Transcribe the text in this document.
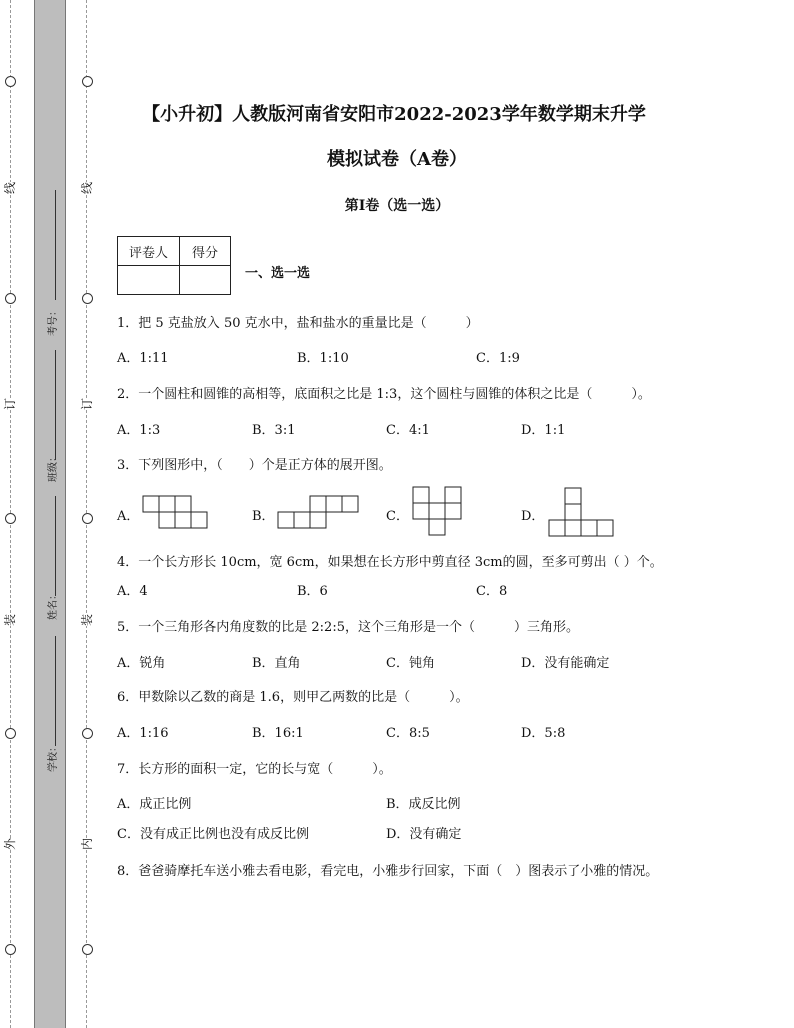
线
订
装
外
线
订
装
内
考号：
班级：
姓名：
学校：
【小升初】人教版河南省安阳市2022-2023学年数学期末升学
模拟试卷（A卷）
第Ⅰ卷（选一选）
评卷人	得分

一、选一选
1．把 5 克盐放入 50 克水中，盐和盐水的重量比是（　　　）
A．1:11	B．1:10	C．1:9
2．一个圆柱和圆锥的高相等，底面积之比是 1:3，这个圆柱与圆锥的体积之比是（　　　）。
A．1:3	B．3:1	C．4:1	D．1:1
3．下列图形中，（　　）个是正方体的展开图。
A．	B．	C．	D．
4．一个长方形长 10cm，宽 6cm，如果想在长方形中剪直径 3cm的圆，至多可剪出（ ）个。
A．4	B．6	C．8
5．一个三角形各内角度数的比是 2:2:5，这个三角形是一个（　　　）三角形。
A．锐角	B．直角	C．钝角	D．没有能确定
6．甲数除以乙数的商是 1.6，则甲乙两数的比是（　　　）。
A．1:16	B．16:1	C．8:5	D．5:8
7．长方形的面积一定，它的长与宽（　　　）。
A．成正比例	B．成反比例
C．没有成正比例也没有成反比例	D．没有确定
8．爸爸骑摩托车送小雅去看电影，看完电，小雅步行回家，下面（　）图表示了小雅的情况。
